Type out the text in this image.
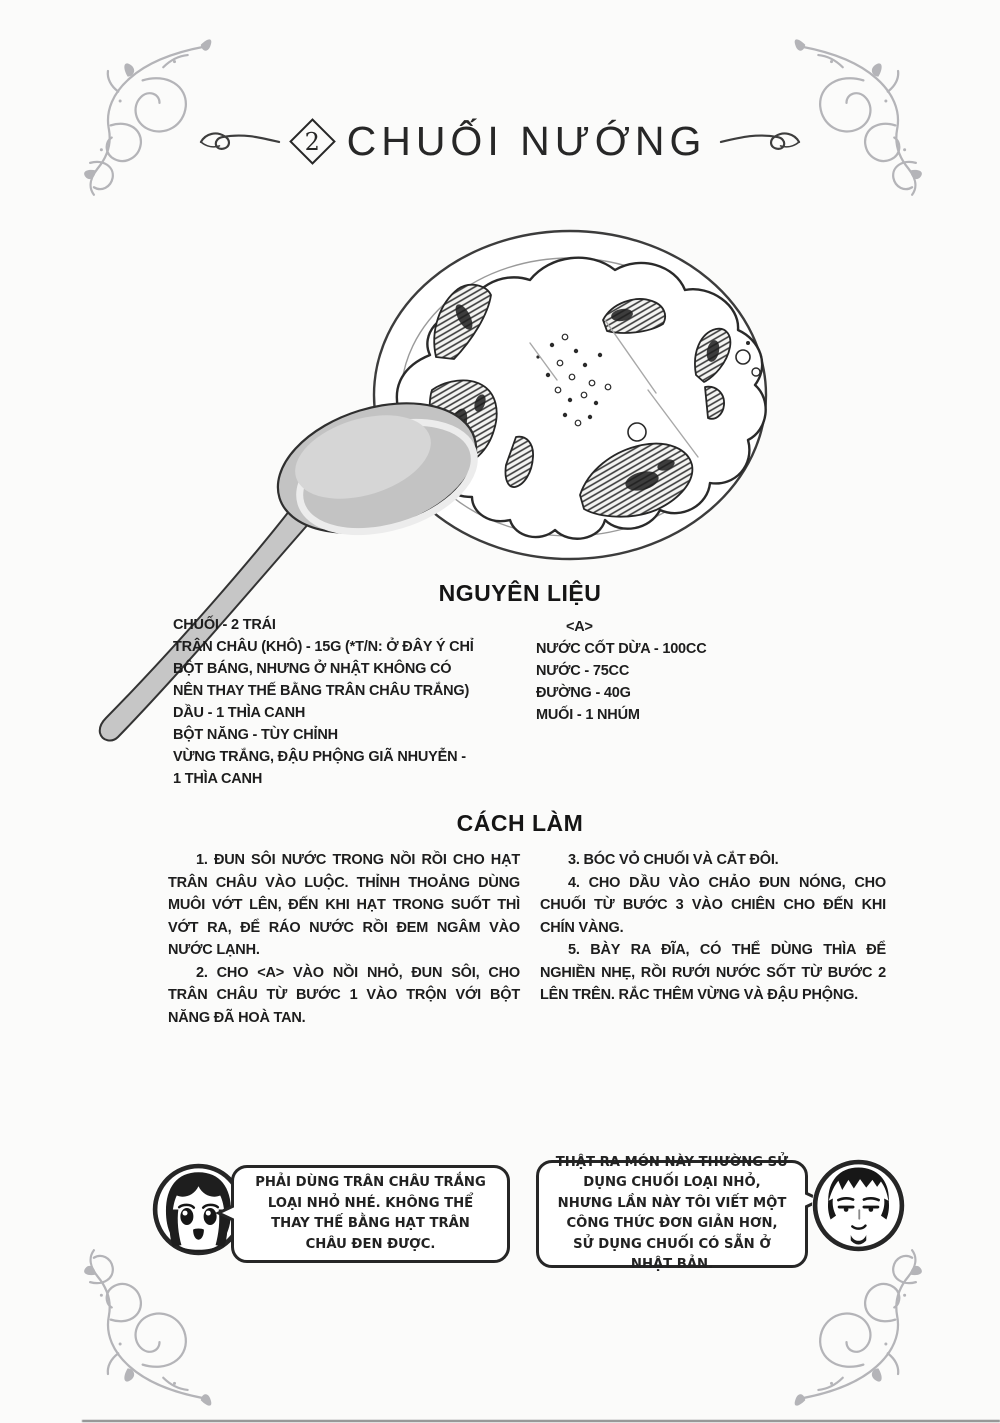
2 CHUỐI NƯỚNG
NGUYÊN LIỆU
CHUỐI - 2 TRÁI
TRÂN CHÂU (KHÔ) - 15G (*T/N: Ở ĐÂY Ý CHỈ BỘT BÁNG, NHƯNG Ở NHẬT KHÔNG CÓ NÊN THAY THẾ BẰNG TRÂN CHÂU TRẮNG)
DẦU - 1 THÌA CANH
BỘT NĂNG - TÙY CHỈNH
VỪNG TRẮNG, ĐẬU PHỘNG GIÃ NHUYỄN - 1 THÌA CANH
<A>
NƯỚC CỐT DỪA - 100CC
NƯỚC - 75CC
ĐƯỜNG - 40G
MUỐI - 1 NHÚM
CÁCH LÀM

1. ĐUN SÔI NƯỚC TRONG NỒI RỒI CHO HẠT TRÂN CHÂU VÀO LUỘC. THỈNH THOẢNG DÙNG MUÔI VỚT LÊN, ĐẾN KHI HẠT TRONG SUỐT THÌ VỚT RA, ĐỂ RÁO NƯỚC RỒI ĐEM NGÂM VÀO NƯỚC LẠNH.

2. CHO <A> VÀO NỒI NHỎ, ĐUN SÔI, CHO TRÂN CHÂU TỪ BƯỚC 1 VÀO TRỘN VỚI BỘT NĂNG ĐÃ HOÀ TAN.

3. BÓC VỎ CHUỐI VÀ CẮT ĐÔI.

4. CHO DẦU VÀO CHẢO ĐUN NÓNG, CHO CHUỐI TỪ BƯỚC 3 VÀO CHIÊN CHO ĐẾN KHI CHÍN VÀNG.

5. BÀY RA ĐĨA, CÓ THỂ DÙNG THÌA ĐỂ NGHIỀN NHẸ, RỒI RƯỚI NƯỚC SỐT TỪ BƯỚC 2 LÊN TRÊN. RẮC THÊM VỪNG VÀ ĐẬU PHỘNG.

PHẢI DÙNG TRÂN CHÂU TRẮNG LOẠI NHỎ NHÉ. KHÔNG THỂ THAY THẾ BẰNG HẠT TRÂN CHÂU ĐEN ĐƯỢC.
THẬT RA MÓN NÀY THƯỜNG SỬ DỤNG CHUỐI LOẠI NHỎ, NHƯNG LẦN NÀY TÔI VIẾT MỘT CÔNG THỨC ĐƠN GIẢN HƠN, SỬ DỤNG CHUỐI CÓ SẴN Ở NHẬT BẢN.
